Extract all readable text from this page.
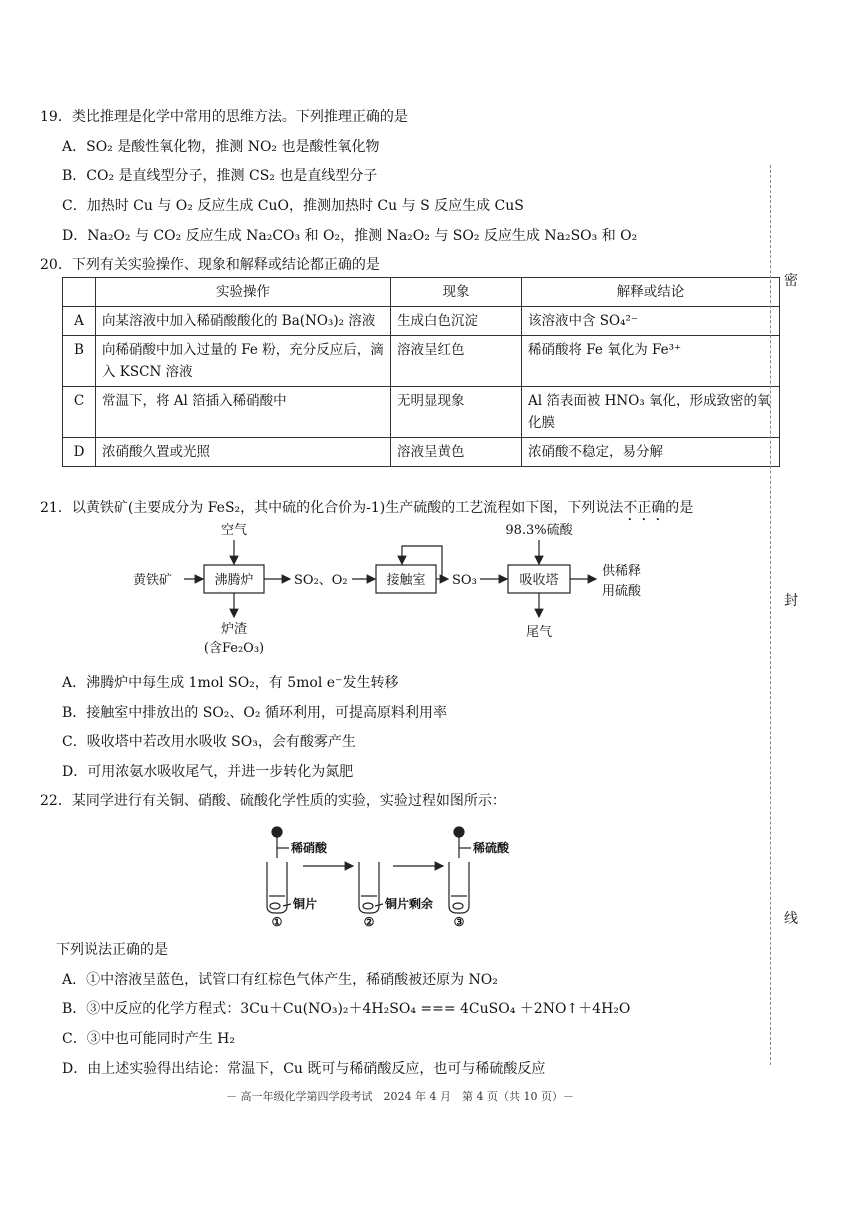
19．类比推理是化学中常用的思维方法。下列推理正确的是
A．SO₂ 是酸性氧化物，推测 NO₂ 也是酸性氧化物
B．CO₂ 是直线型分子，推测 CS₂ 也是直线型分子
C．加热时 Cu 与 O₂ 反应生成 CuO，推测加热时 Cu 与 S 反应生成 CuS
D．Na₂O₂ 与 CO₂ 反应生成 Na₂CO₃ 和 O₂，推测 Na₂O₂ 与 SO₂ 反应生成 Na₂SO₃ 和 O₂
20．下列有关实验操作、现象和解释或结论都正确的是
	实验操作	现象	解释或结论
A	向某溶液中加入稀硝酸酸化的 Ba(NO₃)₂ 溶液	生成白色沉淀	该溶液中含 SO₄²⁻
B	向稀硝酸中加入过量的 Fe 粉，充分反应后，滴入 KSCN 溶液	溶液呈红色	稀硝酸将 Fe 氧化为 Fe³⁺
C	常温下，将 Al 箔插入稀硝酸中	无明显现象	Al 箔表面被 HNO₃ 氧化，形成致密的氧化膜
D	浓硝酸久置或光照	溶液呈黄色	浓硝酸不稳定，易分解
21．以黄铁矿(主要成分为 FeS₂，其中硫的化合价为-1)生产硫酸的工艺流程如下图，下列说法不正确的是
空气
黄铁矿	沸腾炉	SO₂、O₂	接触室 SO₃
98.3%硫酸
吸收塔
供稀释
用硫酸
炉渣
(含Fe₂O₃)
尾气
A．沸腾炉中每生成 1mol SO₂，有 5mol e⁻发生转移
B．接触室中排放出的 SO₂、O₂ 循环利用，可提高原料利用率
C．吸收塔中若改用水吸收 SO₃，会有酸雾产生
D．可用浓氨水吸收尾气，并进一步转化为氮肥
22．某同学进行有关铜、硝酸、硫酸化学性质的实验，实验过程如图所示：
稀硝酸
铜片	铜片剩余
稀硫酸
①	②	③
下列说法正确的是
A．①中溶液呈蓝色，试管口有红棕色气体产生，稀硝酸被还原为 NO₂
B．③中反应的化学方程式：3Cu＋Cu(NO₃)₂＋4H₂SO₄ === 4CuSO₄ ＋2NO↑＋4H₂O
C．③中也可能同时产生 H₂
D．由上述实验得出结论：常温下，Cu 既可与稀硝酸反应，也可与稀硫酸反应
密
封
线
－ 高一年级化学第四学段考试　2024 年 4 月　第 4 页（共 10 页）－
